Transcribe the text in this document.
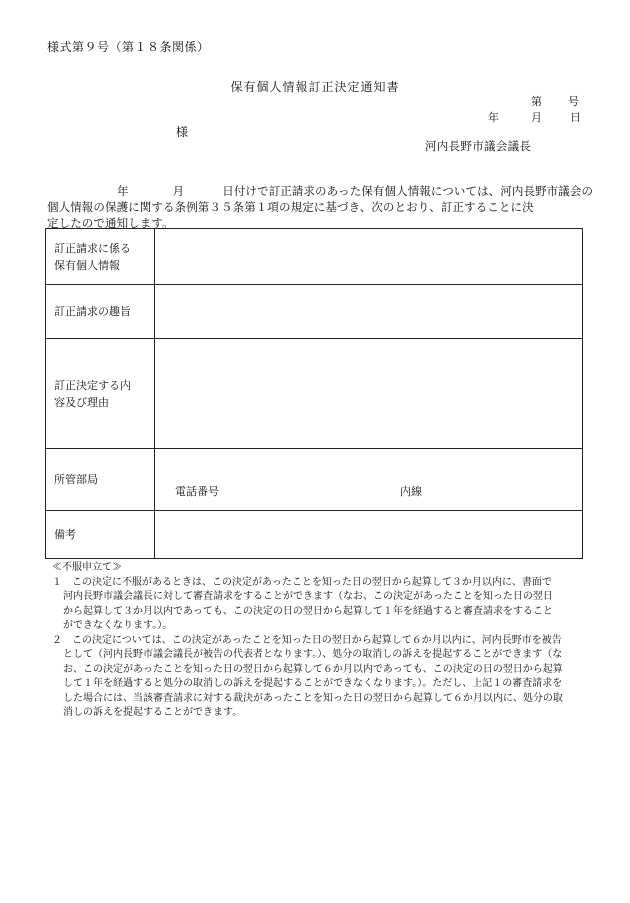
様式第９号（第１８条関係）
保有個人情報訂正決定通知書
第 号
年	月	日
様
河内長野市議会議長
年	月	日付けで訂正請求のあった保有個人情報については、河内長野市議会の
個人情報の保護に関する条例第３５条第１項の規定に基づき、次のとおり、訂正することに決
定したので通知します。
訂正請求に係る
保有個人情報	

訂正請求の趣旨	

訂正決定する内
容及び理由	

所管部局	電話番号 内線

備考	
≪不服申立て≫
１　この決定に不服があるときは、この決定があったことを知った日の翌日から起算して３か月以内に、書面で
河内長野市議会議長に対して審査請求をすることができます（なお、この決定があったことを知った日の翌日
から起算して３か月以内であっても、この決定の日の翌日から起算して１年を経過すると審査請求をすること
ができなくなります。）。
２　この決定については、この決定があったことを知った日の翌日から起算して６か月以内に、河内長野市を被告
として（河内長野市議会議長が被告の代表者となります。）、処分の取消しの訴えを提起することができます（な
お、この決定があったことを知った日の翌日から起算して６か月以内であっても、この決定の日の翌日から起算
して１年を経過すると処分の取消しの訴えを提起することができなくなります。）。ただし、上記１の審査請求を
した場合には、当該審査請求に対する裁決があったことを知った日の翌日から起算して６か月以内に、処分の取
消しの訴えを提起することができます。
